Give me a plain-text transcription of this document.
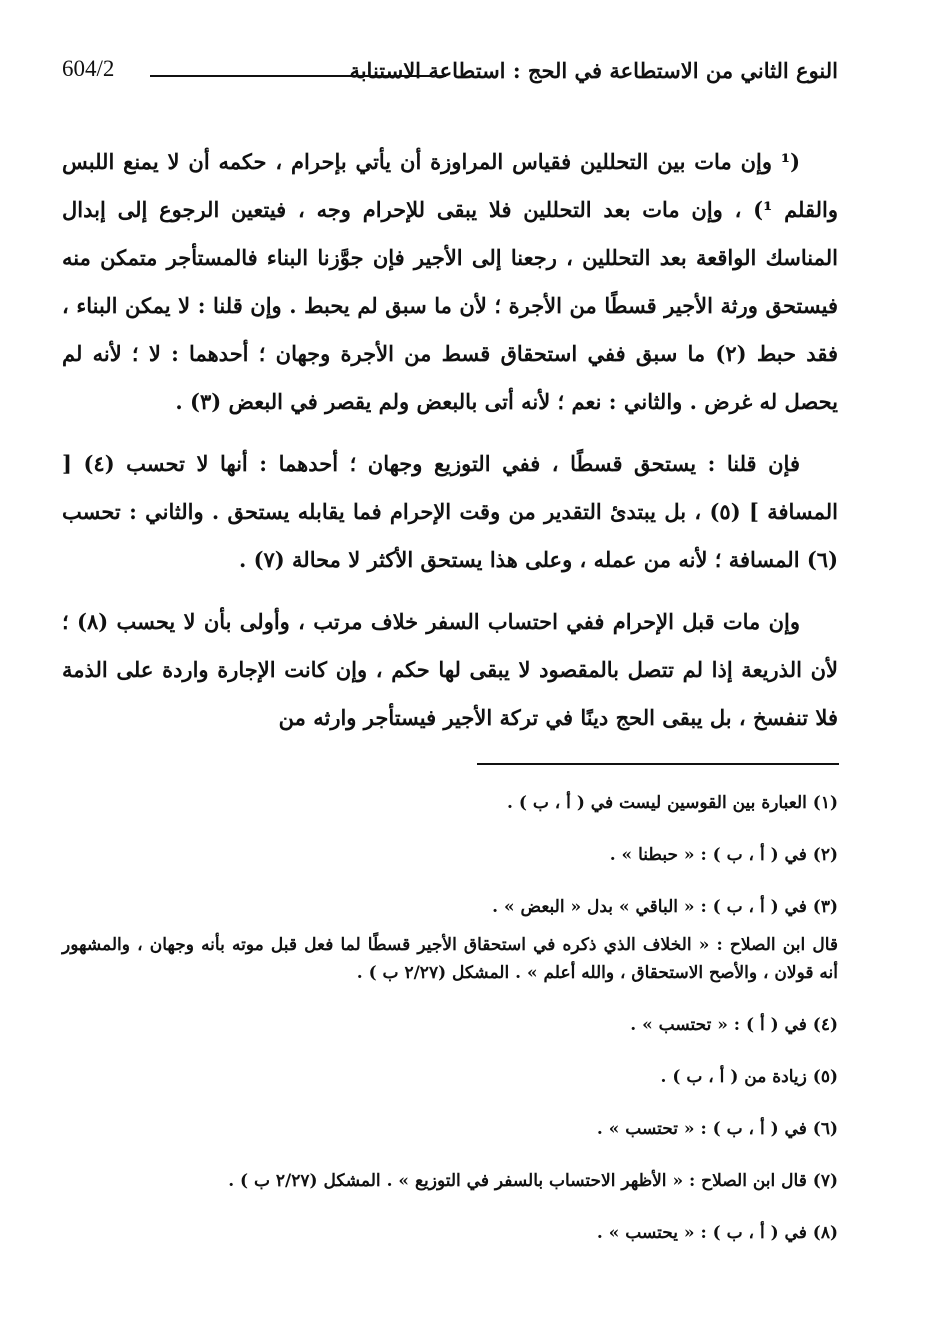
النوع الثاني من الاستطاعة في الحج : استطاعة الاستنابة
604/2

(¹ وإن مات بين التحللين فقياس المراوزة أن يأتي بإحرام ، حكمه أن لا يمنع اللبس والقلم ¹) ، وإن مات بعد التحللين فلا يبقى للإحرام وجه ، فيتعين الرجوع إلى إبدال المناسك الواقعة بعد التحللين ، رجعنا إلى الأجير فإن جوَّزنا البناء فالمستأجر متمكن منه فيستحق ورثة الأجير قسطًا من الأجرة ؛ لأن ما سبق لم يحبط . وإن قلنا : لا يمكن البناء ، فقد حبط (٢) ما سبق ففي استحقاق قسط من الأجرة وجهان ؛ أحدهما : لا ؛ لأنه لم يحصل له غرض . والثاني : نعم ؛ لأنه أتى بالبعض ولم يقصر في البعض (٣) .

فإن قلنا : يستحق قسطًا ، ففي التوزيع وجهان ؛ أحدهما : أنها لا تحسب (٤) [ المسافة ] (٥) ، بل يبتدئ التقدير من وقت الإحرام فما يقابله يستحق . والثاني : تحسب (٦) المسافة ؛ لأنه من عمله ، وعلى هذا يستحق الأكثر لا محالة (٧) .

وإن مات قبل الإحرام ففي احتساب السفر خلاف مرتب ، وأولى بأن لا يحسب (٨) ؛ لأن الذريعة إذا لم تتصل بالمقصود لا يبقى لها حكم ، وإن كانت الإجارة واردة على الذمة فلا تنفسخ ، بل يبقى الحج دينًا في تركة الأجير فيستأجر وارثه من

(١) العبارة بين القوسين ليست في ( أ ، ب ) .

(٢) في ( أ ، ب ) : « حبطنا » .

(٣) في ( أ ، ب ) : « الباقي » بدل « البعض » .

قال ابن الصلاح : « الخلاف الذي ذكره في استحقاق الأجير قسطًا لما فعل قبل موته بأنه وجهان ، والمشهور أنه قولان ، والأصح الاستحقاق ، والله أعلم » . المشكل (٢/٢٧ ب ) .

(٤) في ( أ ) : « تحتسب » .

(٥) زيادة من ( أ ، ب ) .

(٦) في ( أ ، ب ) : « تحتسب » .

(٧) قال ابن الصلاح : « الأظهر الاحتساب بالسفر في التوزيع » . المشكل (٢/٢٧ ب ) .

(٨) في ( أ ، ب ) : « يحتسب » .
